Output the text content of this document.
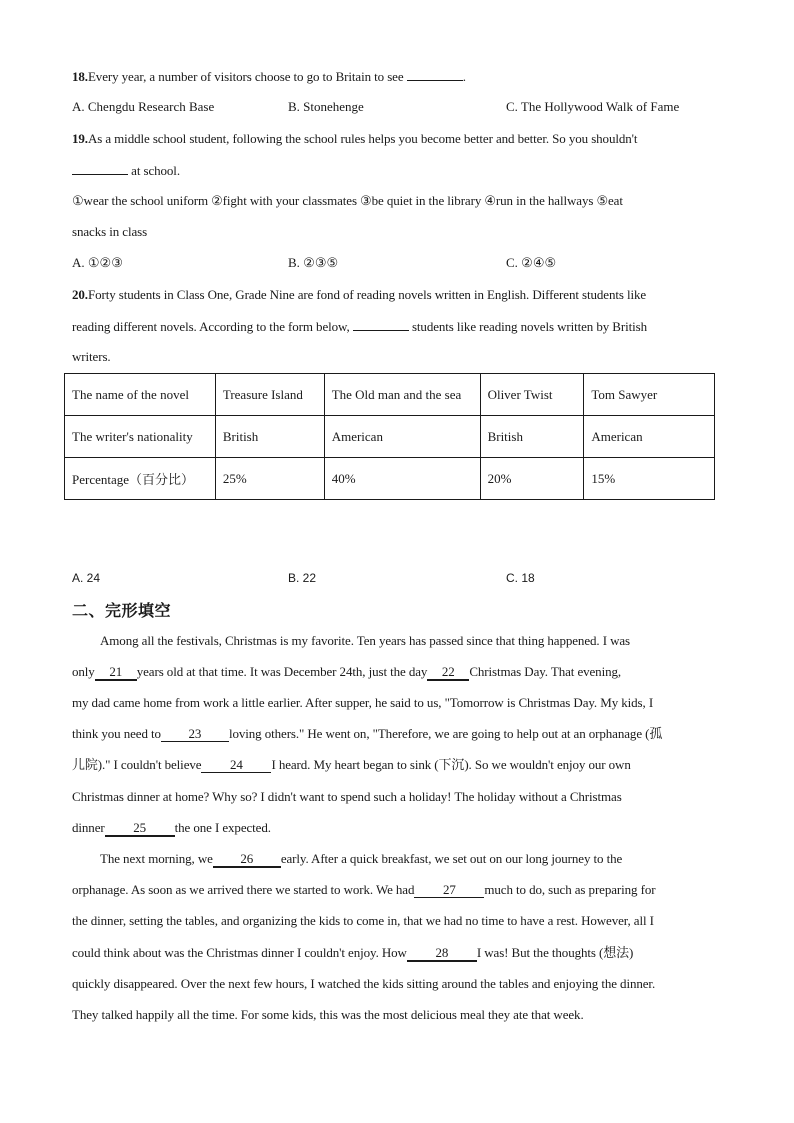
18.Every year, a number of visitors choose to go to Britain to see	.
A. Chengdu Research Base	B. Stonehenge	C. The Hollywood Walk of Fame
19.As a middle school student, following the school rules helps you become better and better. So you shouldn't
at school.
①wear the school uniform ②fight with your classmates ③be quiet in the library ④run in the hallways ⑤eat
snacks in class
A. ①②③	B. ②③⑤	C. ②④⑤
20.Forty students in Class One, Grade Nine are fond of reading novels written in English. Different students like
reading different novels. According to the form below,	students like reading novels written by British
writers.
The name of the novel	Treasure Island	The Old man and the sea	Oliver Twist	Tom Sawyer
The writer's nationality	British	American	British	American
Percentage（百分比）	25%	40%	20%	15%
A. 24	B. 22	C. 18
二、完形填空
Among all the festivals, Christmas is my favorite. Ten years has passed since that thing happened. I was
only 21 years old at that time. It was December 24th, just the day 22 Christmas Day. That evening,
my dad came home from work a little earlier. After supper, he said to us, "Tomorrow is Christmas Day. My kids, I
think you need to 23 loving others." He went on, "Therefore, we are going to help out at an orphanage (孤
儿院)." I couldn't believe 24 I heard. My heart began to sink (下沉). So we wouldn't enjoy our own
Christmas dinner at home? Why so? I didn't want to spend such a holiday! The holiday without a Christmas
dinner 25 the one I expected.
The next morning, we 26 early. After a quick breakfast, we set out on our long journey to the
orphanage. As soon as we arrived there we started to work. We had 27 much to do, such as preparing for
the dinner, setting the tables, and organizing the kids to come in, that we had no time to have a rest. However, all I
could think about was the Christmas dinner I couldn't enjoy. How 28 I was! But the thoughts (想法)
quickly disappeared. Over the next few hours, I watched the kids sitting around the tables and enjoying the dinner.
They talked happily all the time. For some kids, this was the most delicious meal they ate that week.
